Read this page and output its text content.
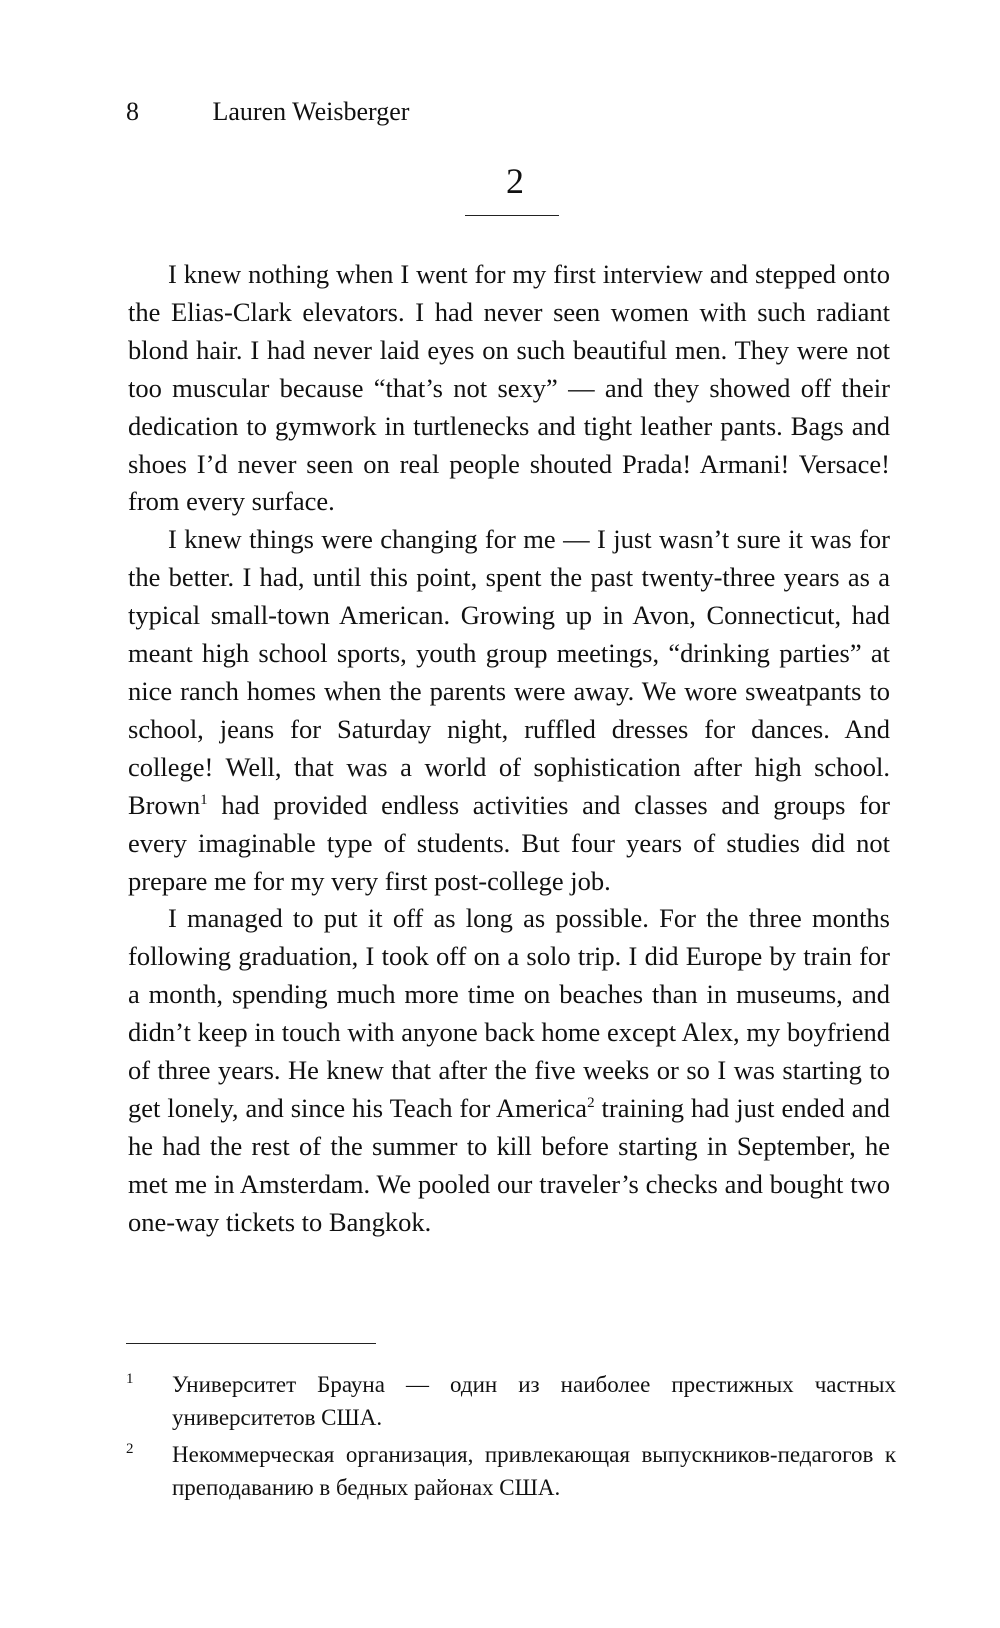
8	Lauren Weisberger
2

I knew nothing when I went for my first interview and stepped onto the Elias-Clark elevators. I had never seen women with such radiant blond hair. I had never laid eyes on such beautiful men. They were not too muscular because “that’s not sexy” — and they showed off their dedication to gymwork in turtlenecks and tight leather pants. Bags and shoes I’d never seen on real people shouted Prada! Armani! Versace! from every surface.

I knew things were changing for me — I just wasn’t sure it was for the better. I had, until this point, spent the past twenty-three years as a typical small-town American. Growing up in Avon, Connecticut, had meant high school sports, youth group meetings, “drinking parties” at nice ranch homes when the parents were away. We wore sweatpants to school, jeans for Saturday night, ruffled dresses for dances. And college! Well, that was a world of sophistication after high school. Brown$^1$ had provided endless activities and classes and groups for every imaginable type of students. But four years of studies did not prepare me for my very first post-college job.

I managed to put it off as long as possible. For the three months following graduation, I took off on a solo trip. I did Europe by train for a month, spending much more time on beaches than in museums, and didn’t keep in touch with anyone back home except Alex, my boyfriend of three years. He knew that after the five weeks or so I was starting to get lonely, and since his Teach for America$^2$ training had just ended and he had the rest of the summer to kill before starting in September, he met me in Amsterdam. We pooled our traveler’s checks and bought two one-way tickets to Bangkok.

1	Университет Брауна — один из наиболее престижных частных университетов США.
2	Некоммерческая организация, привлекающая выпускников-педагогов к преподаванию в бедных районах США.
